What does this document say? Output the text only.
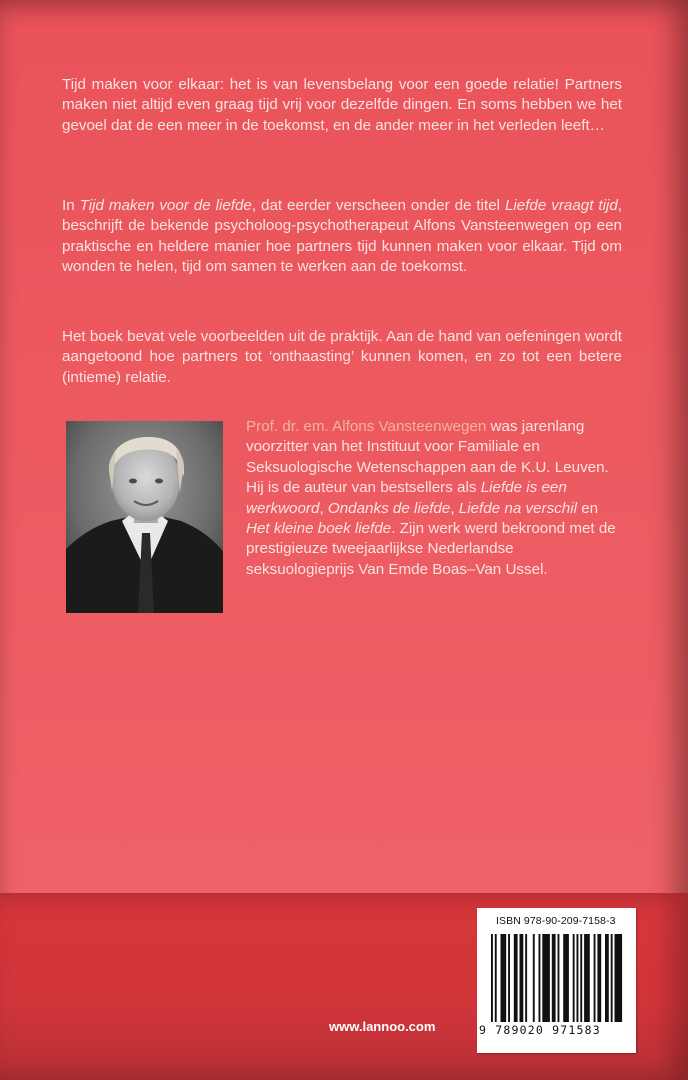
Tijd maken voor elkaar: het is van levensbelang voor een goede relatie! Partners maken niet altijd even graag tijd vrij voor dezelfde dingen. En soms hebben we het gevoel dat de een meer in de toekomst, en de ander meer in het verleden leeft…

In Tijd maken voor de liefde, dat eerder verscheen onder de titel Liefde vraagt tijd, beschrijft de bekende psycholoog-psychotherapeut Alfons Vansteenwegen op een praktische en heldere manier hoe partners tijd kunnen maken voor elkaar. Tijd om wonden te helen, tijd om samen te werken aan de toekomst.

Het boek bevat vele voorbeelden uit de praktijk. Aan de hand van oefeningen wordt aangetoond hoe partners tot ‘onthaasting’ kunnen komen, en zo tot een betere (intieme) relatie.

Prof. dr. em. Alfons Vansteenwegen was jarenlang voorzitter van het Instituut voor Familiale en Seksuologische Wetenschappen aan de K.U. Leuven. Hij is de auteur van bestsellers als Liefde is een werkwoord, Ondanks de liefde, Liefde na verschil en Het kleine boek liefde. Zijn werk werd bekroond met de prestigieuze tweejaarlijkse Nederlandse seksuologieprijs Van Emde Boas–Van Ussel.

www.lannoo.com
ISBN 978-90-209-7158-3
9 789020 971583
